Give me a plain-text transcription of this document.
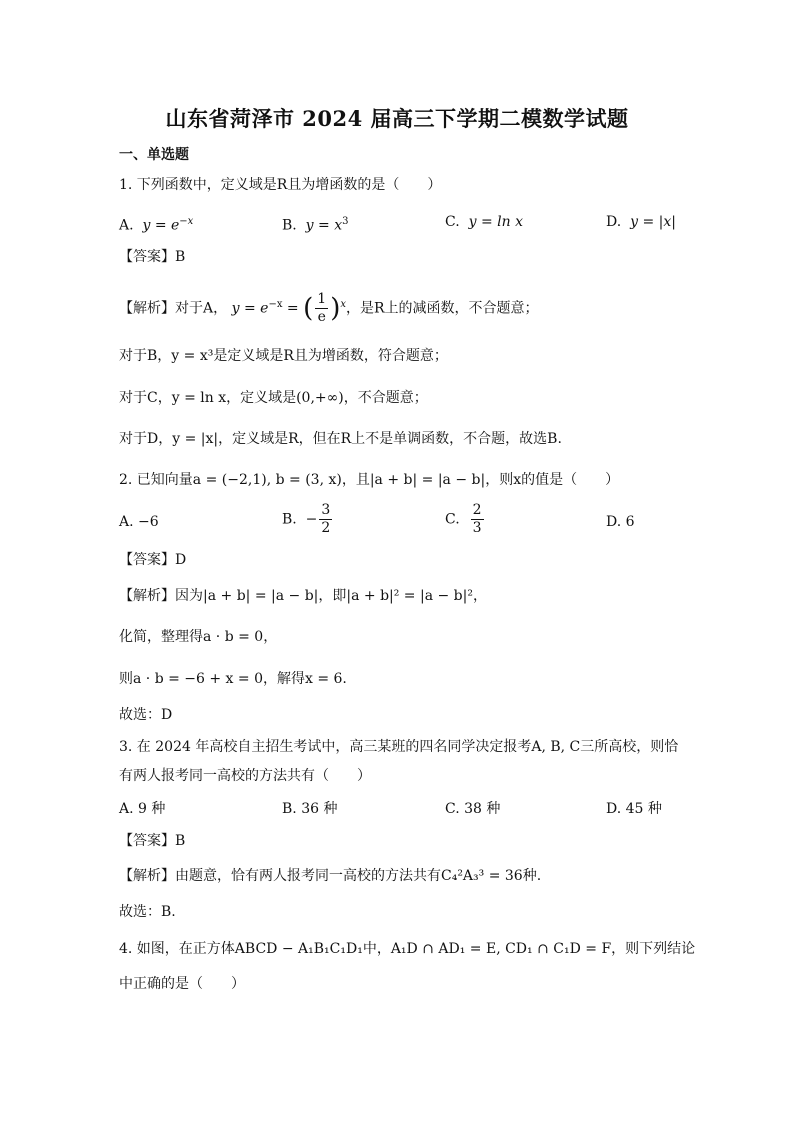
山东省菏泽市 2024 届高三下学期二模数学试题
一、单选题
1. 下列函数中，定义域是R且为增函数的是（　　）
A. $y = e^{-x}$	B. $y = x^3$	C. y = ln x	D. y = |x|
【答案】B
【解析】对于A， $y = e^{-x}$ = ( $\frac{1}{e} )^x$，是R上的减函数，不合题意；
对于B，y = x³是定义域是R且为增函数，符合题意；
对于C，y = ln x，定义域是(0,+∞)，不合题意；
对于D，y = |x|，定义域是R，但在R上不是单调函数，不合题，故选B.
2. 已知向量a = (−2,1), b = (3, x)，且|a + b| = |a − b|，则x的值是（　　）
A. −6	B.  − $\frac{3}{2}$	C. $\frac{2}{3}$	D. 6
【答案】D
【解析】因为|a + b| = |a − b|，即|a + b|² = |a − b|²，
化简，整理得a · b = 0，
则a · b = −6 + x = 0，解得x = 6.
故选：D
3. 在 2024 年高校自主招生考试中，高三某班的四名同学决定报考A, B, C三所高校，则恰
有两人报考同一高校的方法共有（　　）
A. 9 种	B. 36 种	C. 38 种	D. 45 种
【答案】B
【解析】由题意，恰有两人报考同一高校的方法共有C₄²A₃³ = 36种.
故选：B.
4. 如图，在正方体ABCD − A₁B₁C₁D₁中，A₁D ∩ AD₁ = E, CD₁ ∩ C₁D = F，则下列结论
中正确的是（　　）
